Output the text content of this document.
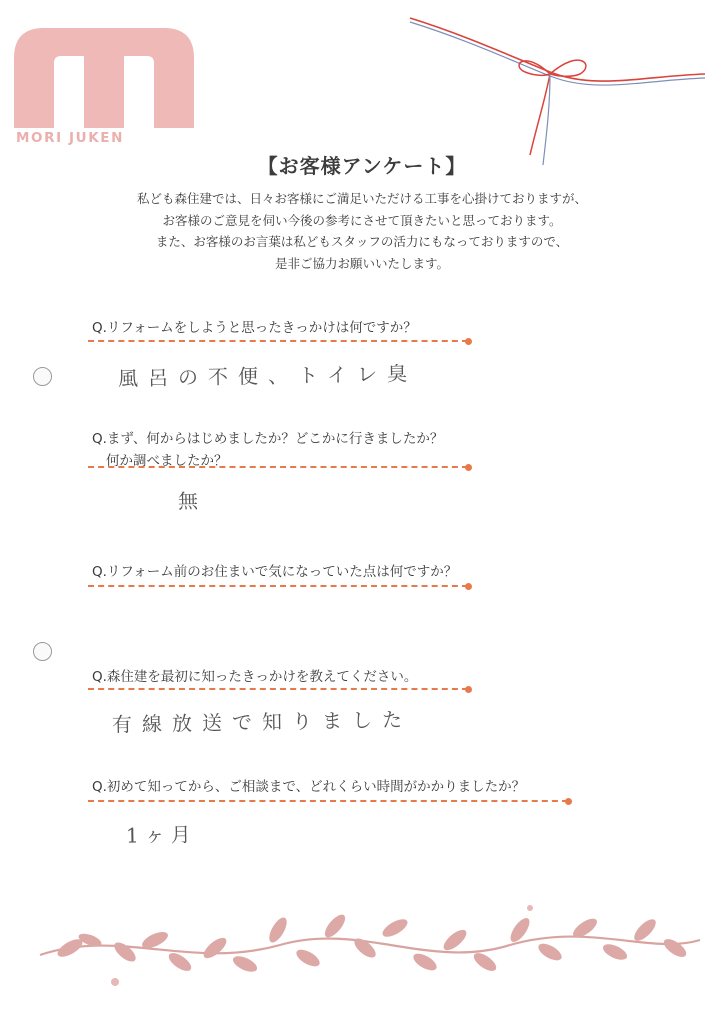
MORI JUKEN
【お客様アンケート】
私ども森住建では、日々お客様にご満足いただける工事を心掛けておりますが、
お客様のご意見を伺い今後の参考にさせて頂きたいと思っております。
また、お客様のお言葉は私どもスタッフの活力にもなっておりますので、
是非ご協力お願いいたします。
Q.リフォームをしようと思ったきっかけは何ですか？
風呂の不便、トイレ臭
Q.まず、何からはじめましたか？どこかに行きましたか？
何か調べましたか？
無
Q.リフォーム前のお住まいで気になっていた点は何ですか？
Q.森住建を最初に知ったきっかけを教えてください。
有線放送で知りました
Q.初めて知ってから、ご相談まで、どれくらい時間がかかりましたか？
1ヶ月
